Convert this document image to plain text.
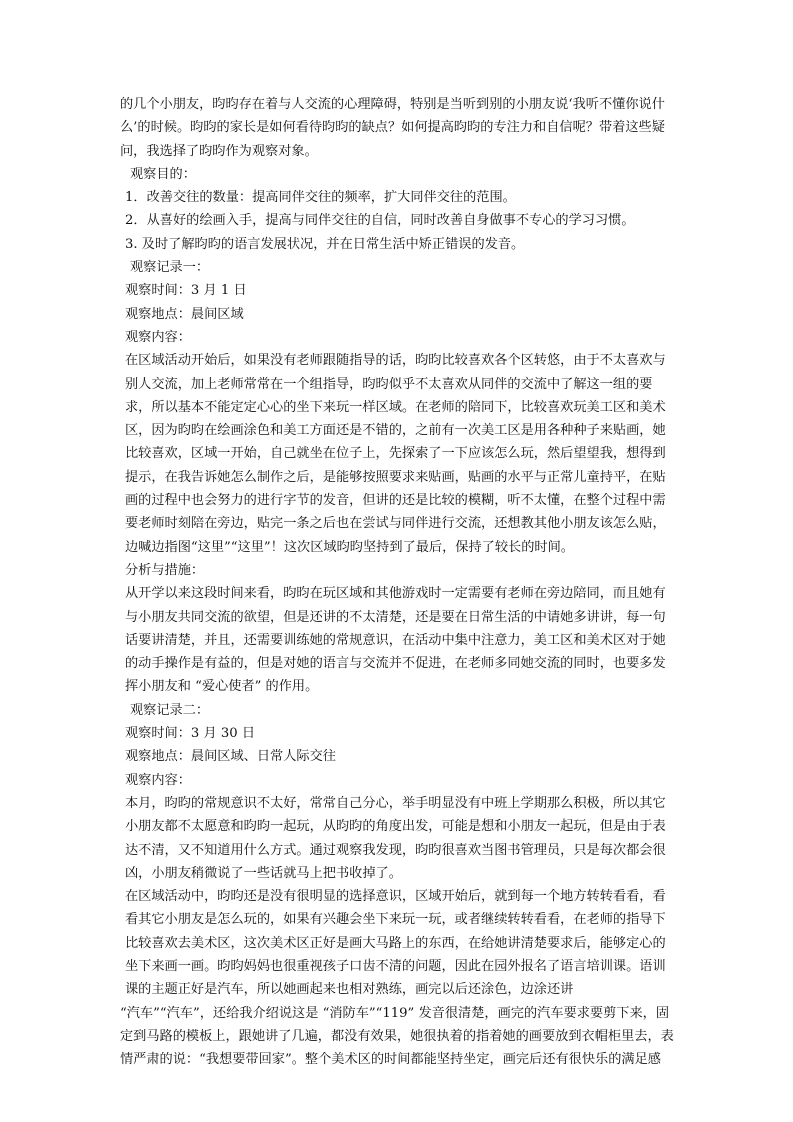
的几个小朋友，昀昀存在着与人交流的心理障碍，特别是当听到别的小朋友说‘我听不懂你说什么’的时候。昀昀的家长是如何看待昀昀的缺点？如何提高昀昀的专注力和自信呢？带着这些疑问，我选择了昀昀作为观察对象。

观察目的：

1．改善交往的数量：提高同伴交往的频率，扩大同伴交往的范围。

2．从喜好的绘画入手，提高与同伴交往的自信，同时改善自身做事不专心的学习习惯。

3. 及时了解昀昀的语言发展状况，并在日常生活中矫正错误的发音。

观察记录一：

观察时间：3 月 1 日

观察地点：晨间区域

观察内容：

在区域活动开始后，如果没有老师跟随指导的话，昀昀比较喜欢各个区转悠，由于不太喜欢与别人交流，加上老师常常在一个组指导，昀昀似乎不太喜欢从同伴的交流中了解这一组的要求，所以基本不能定定心心的坐下来玩一样区域。在老师的陪同下，比较喜欢玩美工区和美术区，因为昀昀在绘画涂色和美工方面还是不错的，之前有一次美工区是用各种种子来贴画，她比较喜欢，区域一开始，自己就坐在位子上，先探索了一下应该怎么玩，然后望望我，想得到提示，在我告诉她怎么制作之后，是能够按照要求来贴画，贴画的水平与正常儿童持平，在贴画的过程中也会努力的进行字节的发音，但讲的还是比较的模糊，听不太懂，在整个过程中需要老师时刻陪在旁边，贴完一条之后也在尝试与同伴进行交流，还想教其他小朋友该怎么贴，边喊边指图“这里”“这里”！这次区域昀昀坚持到了最后，保持了较长的时间。

分析与措施：

从开学以来这段时间来看，昀昀在玩区域和其他游戏时一定需要有老师在旁边陪同，而且她有与小朋友共同交流的欲望，但是还讲的不太清楚，还是要在日常生活的中请她多讲讲，每一句话要讲清楚，并且，还需要训练她的常规意识，在活动中集中注意力，美工区和美术区对于她的动手操作是有益的，但是对她的语言与交流并不促进，在老师多同她交流的同时，也要多发挥小朋友和 “爱心使者” 的作用。

观察记录二：

观察时间：3 月 30 日

观察地点：晨间区域、日常人际交往

观察内容：

本月，昀昀的常规意识不太好，常常自己分心，举手明显没有中班上学期那么积极，所以其它小朋友都不太愿意和昀昀一起玩，从昀昀的角度出发，可能是想和小朋友一起玩，但是由于表达不清，又不知道用什么方式。通过观察我发现，昀昀很喜欢当图书管理员，只是每次都会很凶，小朋友稍微说了一些话就马上把书收掉了。

在区域活动中，昀昀还是没有很明显的选择意识，区域开始后，就到每一个地方转转看看，看看其它小朋友是怎么玩的，如果有兴趣会坐下来玩一玩，或者继续转转看看，在老师的指导下比较喜欢去美术区，这次美术区正好是画大马路上的东西，在给她讲清楚要求后，能够定心的坐下来画一画。昀昀妈妈也很重视孩子口齿不清的问题，因此在园外报名了语言培训课。语训课的主题正好是汽车，所以她画起来也相对熟练，画完以后还涂色，边涂还讲

“汽车”“汽车”，还给我介绍说这是 “消防车”“119” 发音很清楚，画完的汽车要求要剪下来，固定到马路的模板上，跟她讲了几遍，都没有效果，她很执着的指着她的画要放到衣帽柜里去，表情严肃的说：“我想要带回家”。整个美术区的时间都能坚持坐定，画完后还有很快乐的满足感
